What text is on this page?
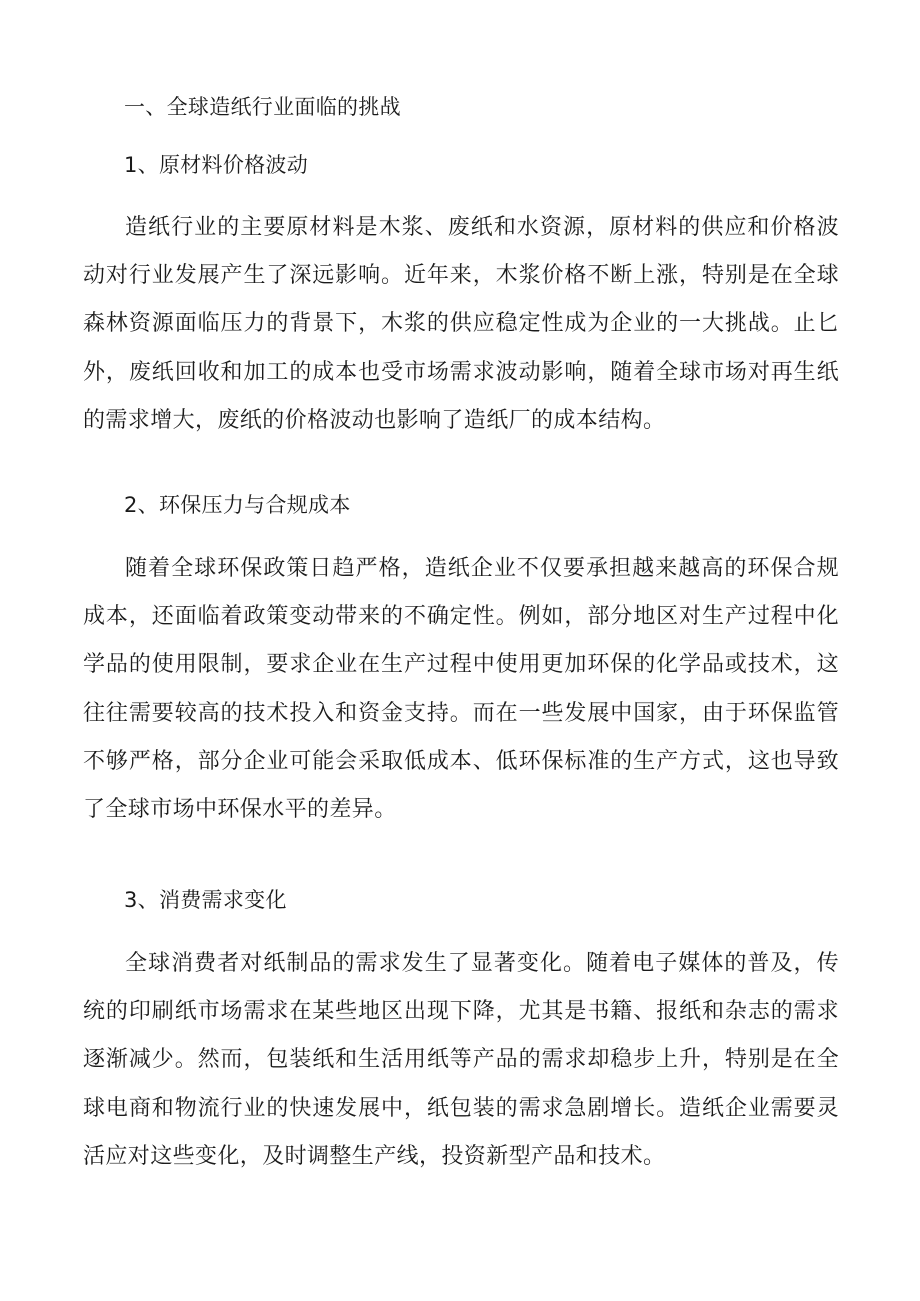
一、全球造纸行业面临的挑战
1、原材料价格波动

造纸行业的主要原材料是木浆、废纸和水资源，原材料的供应和价格波动对行业发展产生了深远影响。近年来，木浆价格不断上涨，特别是在全球森林资源面临压力的背景下，木浆的供应稳定性成为企业的一大挑战。止匕外，废纸回收和加工的成本也受市场需求波动影响，随着全球市场对再生纸的需求增大，废纸的价格波动也影响了造纸厂的成本结构。

2、环保压力与合规成本

随着全球环保政策日趋严格，造纸企业不仅要承担越来越高的环保合规成本，还面临着政策变动带来的不确定性。例如，部分地区对生产过程中化学品的使用限制，要求企业在生产过程中使用更加环保的化学品或技术，这往往需要较高的技术投入和资金支持。而在一些发展中国家，由于环保监管不够严格，部分企业可能会采取低成本、低环保标准的生产方式，这也导致了全球市场中环保水平的差异。

3、消费需求变化

全球消费者对纸制品的需求发生了显著变化。随着电子媒体的普及，传统的印刷纸市场需求在某些地区出现下降，尤其是书籍、报纸和杂志的需求逐渐减少。然而，包装纸和生活用纸等产品的需求却稳步上升，特别是在全球电商和物流行业的快速发展中，纸包装的需求急剧增长。造纸企业需要灵活应对这些变化，及时调整生产线，投资新型产品和技术。
